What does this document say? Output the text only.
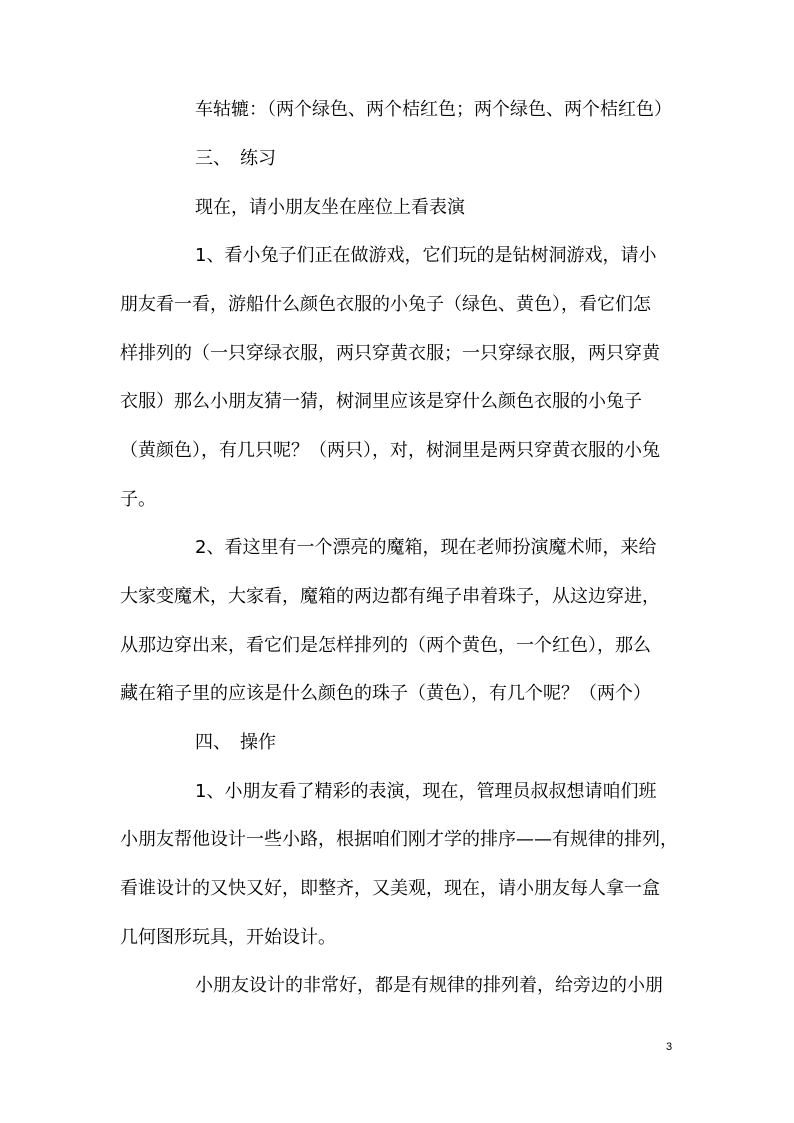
车轱辘：（两个绿色、两个桔红色；两个绿色、两个桔红色）
三、　练习
现在，请小朋友坐在座位上看表演
1、看小兔子们正在做游戏，它们玩的是钻树洞游戏，请小
朋友看一看，游船什么颜色衣服的小兔子（绿色、黄色），看它们怎
样排列的（一只穿绿衣服，两只穿黄衣服；一只穿绿衣服，两只穿黄
衣服）那么小朋友猜一猜，树洞里应该是穿什么颜色衣服的小兔子
（黄颜色），有几只呢？（两只），对，树洞里是两只穿黄衣服的小兔
子。
2、看这里有一个漂亮的魔箱，现在老师扮演魔术师，来给
大家变魔术，大家看，魔箱的两边都有绳子串着珠子，从这边穿进，
从那边穿出来，看它们是怎样排列的（两个黄色，一个红色），那么
藏在箱子里的应该是什么颜色的珠子（黄色），有几个呢？（两个）
四、　操作
1、小朋友看了精彩的表演，现在，管理员叔叔想请咱们班
小朋友帮他设计一些小路，根据咱们刚才学的排序——有规律的排列，
看谁设计的又快又好，即整齐，又美观，现在，请小朋友每人拿一盒
几何图形玩具，开始设计。
小朋友设计的非常好，都是有规律的排列着，给旁边的小朋
3
